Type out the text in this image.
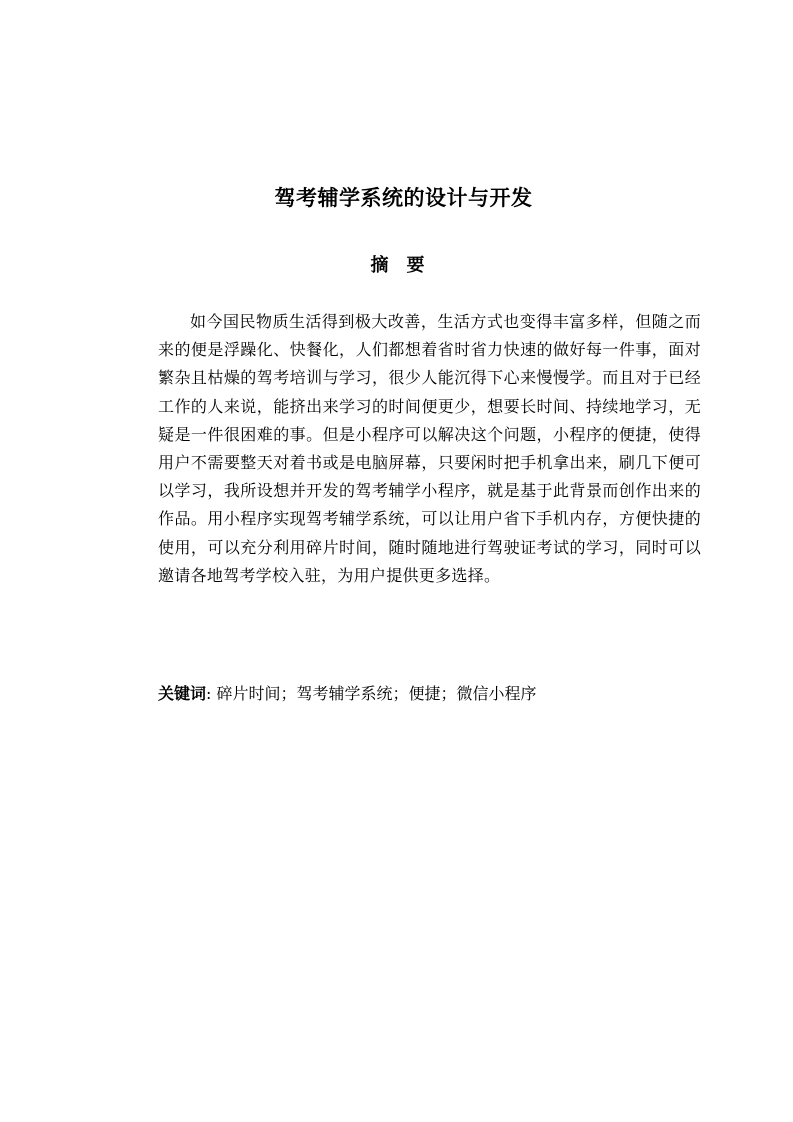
驾考辅学系统的设计与开发
摘要

如今国民物质生活得到极大改善，生活方式也变得丰富多样，但随之而来的便是浮躁化、快餐化，人们都想着省时省力快速的做好每一件事，面对繁杂且枯燥的驾考培训与学习，很少人能沉得下心来慢慢学。而且对于已经工作的人来说，能挤出来学习的时间便更少，想要长时间、持续地学习，无疑是一件很困难的事。但是小程序可以解决这个问题，小程序的便捷，使得用户不需要整天对着书或是电脑屏幕，只要闲时把手机拿出来，刷几下便可以学习，我所设想并开发的驾考辅学小程序，就是基于此背景而创作出来的作品。用小程序实现驾考辅学系统，可以让用户省下手机内存，方便快捷的使用，可以充分利用碎片时间，随时随地进行驾驶证考试的学习，同时可以邀请各地驾考学校入驻，为用户提供更多选择。

关键词: 碎片时间；驾考辅学系统；便捷；微信小程序
